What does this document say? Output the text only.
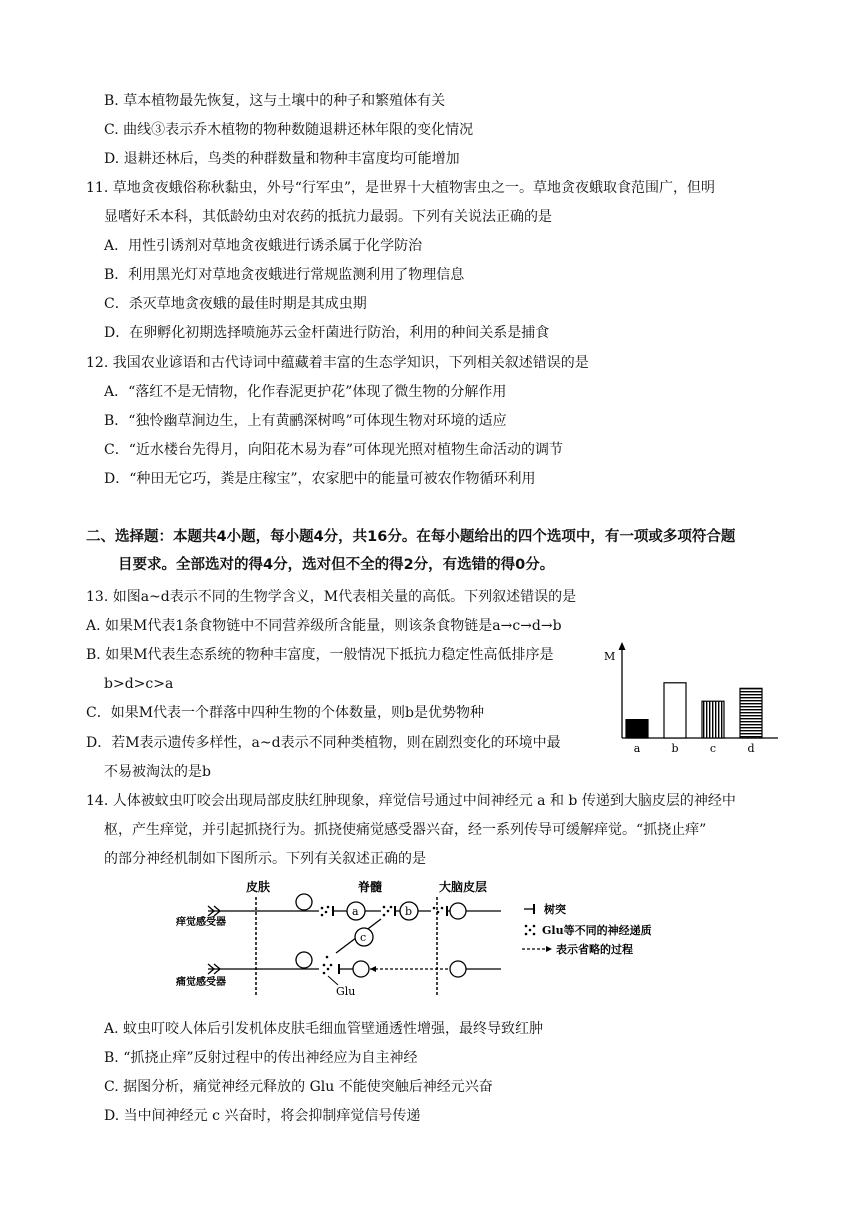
B. 草本植物最先恢复，这与土壤中的种子和繁殖体有关
C. 曲线③表示乔木植物的物种数随退耕还林年限的变化情况
D. 退耕还林后，鸟类的种群数量和物种丰富度均可能增加
11. 草地贪夜蛾俗称秋黏虫，外号“行军虫”，是世界十大植物害虫之一。草地贪夜蛾取食范围广，但明
显嗜好禾本科，其低龄幼虫对农药的抵抗力最弱。下列有关说法正确的是
A．用性引诱剂对草地贪夜蛾进行诱杀属于化学防治
B．利用黑光灯对草地贪夜蛾进行常规监测利用了物理信息
C．杀灭草地贪夜蛾的最佳时期是其成虫期
D．在卵孵化初期选择喷施苏云金杆菌进行防治，利用的种间关系是捕食
12. 我国农业谚语和古代诗词中蕴藏着丰富的生态学知识，下列相关叙述错误的是
A．“落红不是无情物，化作春泥更护花”体现了微生物的分解作用
B．“独怜幽草涧边生，上有黄鹂深树鸣”可体现生物对环境的适应
C．“近水楼台先得月，向阳花木易为春”可体现光照对植物生命活动的调节
D．“种田无它巧，粪是庄稼宝”，农家肥中的能量可被农作物循环利用
二、选择题：本题共4小题，每小题4分，共16分。在每小题给出的四个选项中，有一项或多项符合题
目要求。全部选对的得4分，选对但不全的得2分，有选错的得0分。
13. 如图a~d表示不同的生物学含义，M代表相关量的高低。下列叙述错误的是
A. 如果M代表1条食物链中不同营养级所含能量，则该条食物链是a→c→d→b
B. 如果M代表生态系统的物种丰富度，一般情况下抵抗力稳定性高低排序是
b>d>c>a
C．如果M代表一个群落中四种生物的个体数量，则b是优势物种
D．若M表示遗传多样性，a~d表示不同种类植物，则在剧烈变化的环境中最
不易被淘汰的是b
M
a	b	c	d
14. 人体被蚊虫叮咬会出现局部皮肤红肿现象，痒觉信号通过中间神经元 a 和 b 传递到大脑皮层的神经中
枢，产生痒觉，并引起抓挠行为。抓挠使痛觉感受器兴奋，经一系列传导可缓解痒觉。“抓挠止痒”
的部分神经机制如下图所示。下列有关叙述正确的是
皮肤	脊髓	大脑皮层
痒觉感受器
a	b
c
痛觉感受器
Glu
树突
Glu等不同的神经递质
表示省略的过程
A. 蚊虫叮咬人体后引发机体皮肤毛细血管壁通透性增强，最终导致红肿
B. “抓挠止痒”反射过程中的传出神经应为自主神经
C. 据图分析，痛觉神经元释放的 Glu 不能使突触后神经元兴奋
D. 当中间神经元 c 兴奋时，将会抑制痒觉信号传递
